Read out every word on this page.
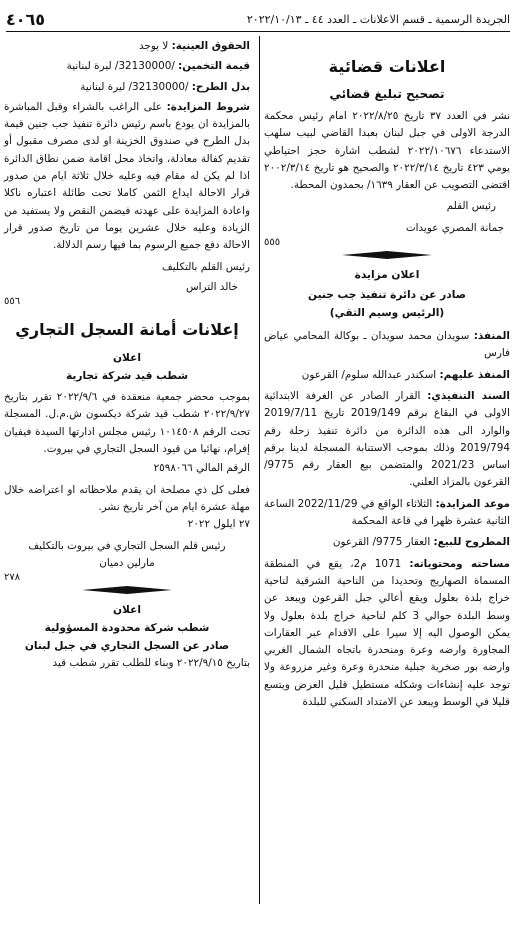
الجريدة الرسمية ـ قسم الاعلانات ـ العدد ٤٤ ـ ٢٠٢٢/١٠/١٣
٤٠٦٥

اعلانات قضائية

تصحيح تبليغ قضائي

نشر في العدد ٣٧ تاريخ ٢٠٢٢/٨/٢٥ امام رئيس محكمة الدرجة الاولى في جبل لبنان بعبدا القاضي لبيب سلهب الاستدعاء ٢٠٢٢/١٠٦٧٦ لشطب اشارة حجز احتياطي يومي ٤٢٣ تاريخ ٢٠٢٢/٣/١٤ والصحيح هو تاريخ ٢٠٠٢/٣/١٤ اقتضى التصويب عن العقار ١٦٣٩/ بحمدون المحطة.

رئيس القلم

جمانة المصري عويدات

٥٥٥

اعلان مزايدة

صادر عن دائرة تنفيذ جب جنين

(الرئيس وسيم التقي)

المنفذ: سويدان محمد سويدان ـ بوكالة المحامي عياض فارس

المنفذ عليهم: اسكندر عبدالله سلوم/ القرعون

السند التنفيذي: القرار الصادر عن الغرفة الابتدائية الاولى في البقاع برقم 2019/149 تاريخ 2019/7/11 والوارد الى هذه الدائرة من دائرة تنفيذ زحلة رقم 2019/794 وذلك بموجب الاستنابة المسجلة لدينا برقم اساس 2021/23 والمتضمن بيع العقار رقم 9775/ القرعون بالمزاد العلني.

موعد المزايدة: الثلاثاء الواقع في 2022/11/29 الساعة الثانية عشرة ظهرا في قاعة المحكمة

المطروح للبيع: العقار 9775/ القرعون

مساحته ومحتوياته: 1071 م2، يقع في المنطقة المسماة الصهاريج وتحديدا من الناحية الشرقية لناحية خراج بلدة بعلول ويقع أعالي جبل القرعون ويبعد عن وسط البلدة حوالي 3 كلم لناحية خراج بلدة بعلول ولا يمكن الوصول اليه إلا سيرا على الاقدام عبر العقارات المجاورة وارضه وعرة ومنحدرة باتجاه الشمال الغربي وارضه بور صخرية جبلية منحدرة وعرة وغير مزروعة ولا توجد عليه إنشاءات وشكله مستطيل قليل العرض ويتسع قليلا في الوسط ويبعد عن الامتداد السكني للبلدة

الحقوق العينية: لا يوجد

قيمة التخمين: /32130000/ ليرة لبنانية

بدل الطرح: /32130000/ ليرة لبنانية

شروط المزايدة: على الراغب بالشراء وقبل المباشرة بالمزايدة ان يودع باسم رئيس دائرة تنفيذ جب جنين قيمة بدل الطرح في صندوق الخزينة او لدى مصرف مقبول أو تقديم كفالة معادلة، واتخاذ محل اقامة ضمن نطاق الدائرة اذا لم يكن له مقام فيه وعليه خلال ثلاثة ايام من صدور قرار الاحالة ايداع الثمن كاملا تحت طائلة اعتباره ناكلا واعادة المزايدة على عهدته فيضمن النقص ولا يستفيد من الزيادة وعليه خلال عشرين يوما من تاريخ صدور قرار الاحالة دفع جميع الرسوم بما فيها رسم الدلالة.

رئيس القلم بالتكليف

خالد التراس

٥٥٦

إعلانات أمانة السجل التجاري

اعلان

شطب قيد شركة تجارية

بموجب محضر جمعية منعقدة في ٢٠٢٢/٩/٦ تقرر بتاريخ ٢٠٢٢/٩/٢٧ شطب قيد شركة ديكسون ش.م.ل. المسجلة تحت الرقم ١٠١٤٥٠٨ رئيس مجلس ادارتها السيدة فيفيان إفرام، نهائيا من قيود السجل التجاري في بيروت.

الرقم المالي ٢٥٩٨٠٦٦

فعلى كل ذي مصلحة ان يقدم ملاحظاته او اعتراضه خلال مهلة عشرة ايام من آخر تاريخ نشر.

٢٧ ايلول ٢٠٢٢

رئيس قلم السجل التجاري في بيروت بالتكليف

مارلين دميان

٢٧٨

اعلان

شطب شركة محدودة المسؤولية

صادر عن السجل التجاري في جبل لبنان

بتاريخ ٢٠٢٢/٩/١٥ وبناء للطلب تقرر شطب قيد
